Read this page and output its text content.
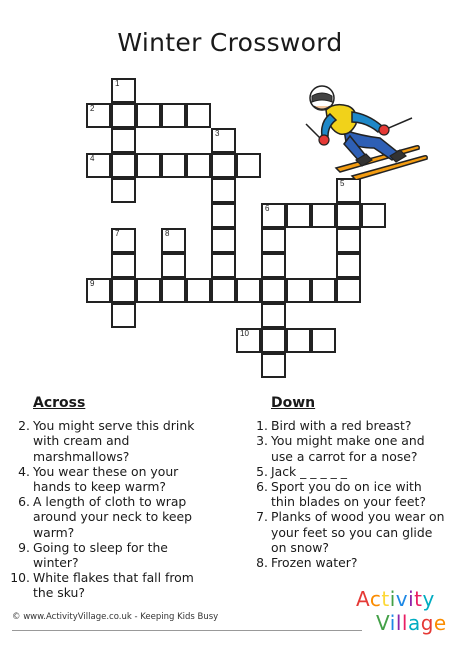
Winter Crossword
1
2
3
4
5
6
7	8
9
10
Across
2. You might serve this drink with cream and marshmallows?
4. You wear these on your hands to keep warm?
6. A length of cloth to wrap around your neck to keep warm?
9. Going to sleep for the winter?
10. White flakes that fall from the sku?
Down
1. Bird with a red breast?
3. You might make one and use a carrot for a nose?
5. Jack _ _ _ _ _
6. Sport you do on ice with thin blades on your feet?
7. Planks of wood you wear on your feet so you can glide on snow?
8. Frozen water?
© www.ActivityVillage.co.uk - Keeping Kids Busy
Activity
Village
